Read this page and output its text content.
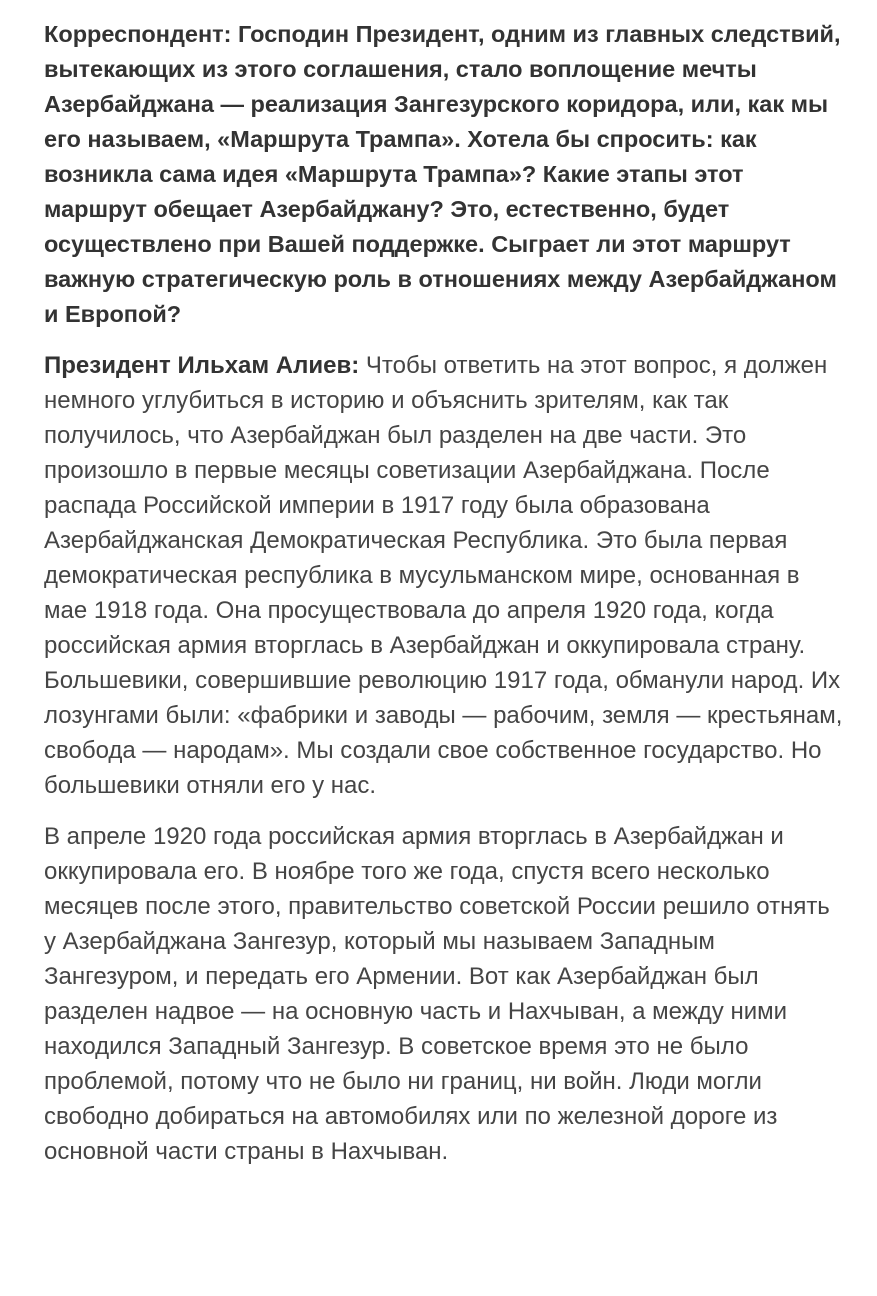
Корреспондент: Господин Президент, одним из главных следствий, вытекающих из этого соглашения, стало воплощение мечты Азербайджана — реализация Зангезурского коридора, или, как мы его называем, «Маршрута Трампа». Хотела бы спросить: как возникла сама идея «Маршрута Трампа»? Какие этапы этот маршрут обещает Азербайджану? Это, естественно, будет осуществлено при Вашей поддержке. Сыграет ли этот маршрут важную стратегическую роль в отношениях между Азербайджаном и Европой?

Президент Ильхам Алиев: Чтобы ответить на этот вопрос, я должен немного углубиться в историю и объяснить зрителям, как так получилось, что Азербайджан был разделен на две части. Это произошло в первые месяцы советизации Азербайджана. После распада Российской империи в 1917 году была образована Азербайджанская Демократическая Республика. Это была первая демократическая республика в мусульманском мире, основанная в мае 1918 года. Она просуществовала до апреля 1920 года, когда российская армия вторглась в Азербайджан и оккупировала страну. Большевики, совершившие революцию 1917 года, обманули народ. Их лозунгами были: «фабрики и заводы — рабочим, земля — крестьянам, свобода — народам». Мы создали свое собственное государство. Но большевики отняли его у нас.

В апреле 1920 года российская армия вторглась в Азербайджан и оккупировала его. В ноябре того же года, спустя всего несколько месяцев после этого, правительство советской России решило отнять у Азербайджана Зангезур, который мы называем Западным Зангезуром, и передать его Армении. Вот как Азербайджан был разделен надвое — на основную часть и Нахчыван, а между ними находился Западный Зангезур. В советское время это не было проблемой, потому что не было ни границ, ни войн. Люди могли свободно добираться на автомобилях или по железной дороге из основной части страны в Нахчыван.
